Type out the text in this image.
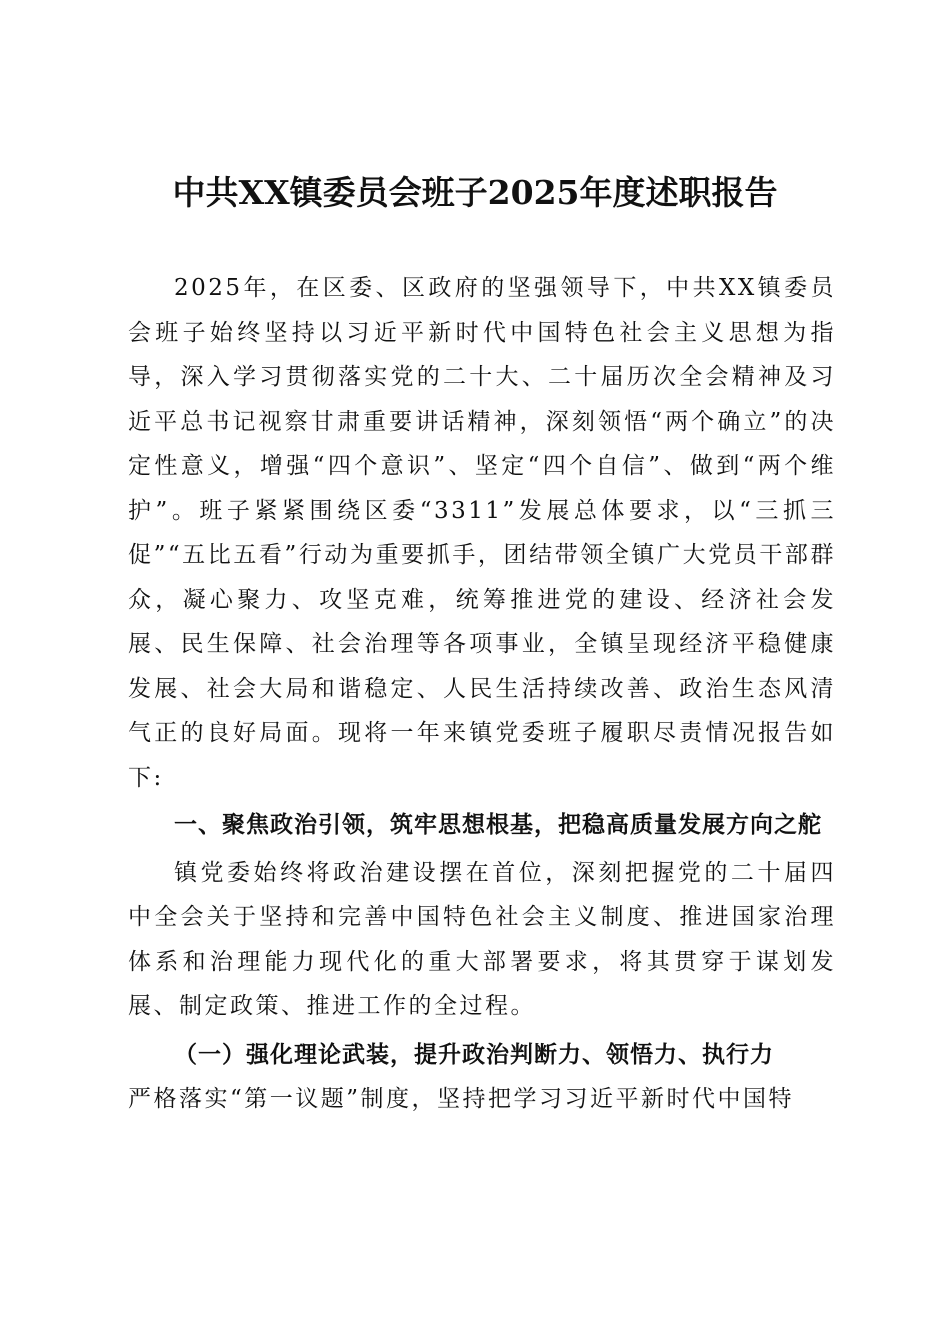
中共XX镇委员会班子2025年度述职报告

2025年，在区委、区政府的坚强领导下，中共XX镇委员会班子始终坚持以习近平新时代中国特色社会主义思想为指导，深入学习贯彻落实党的二十大、二十届历次全会精神及习近平总书记视察甘肃重要讲话精神，深刻领悟“两个确立”的决定性意义，增强“四个意识”、坚定“四个自信”、做到“两个维护”。班子紧紧围绕区委“3311”发展总体要求，以“三抓三促”“五比五看”行动为重要抓手，团结带领全镇广大党员干部群众，凝心聚力、攻坚克难，统筹推进党的建设、经济社会发展、民生保障、社会治理等各项事业，全镇呈现经济平稳健康发展、社会大局和谐稳定、人民生活持续改善、政治生态风清气正的良好局面。现将一年来镇党委班子履职尽责情况报告如下:

一、聚焦政治引领，筑牢思想根基，把稳高质量发展方向之舵

镇党委始终将政治建设摆在首位，深刻把握党的二十届四中全会关于坚持和完善中国特色社会主义制度、推进国家治理体系和治理能力现代化的重大部署要求，将其贯穿于谋划发展、制定政策、推进工作的全过程。

（一）强化理论武装，提升政治判断力、领悟力、执行力

严格落实“第一议题”制度，坚持把学习习近平新时代中国特
